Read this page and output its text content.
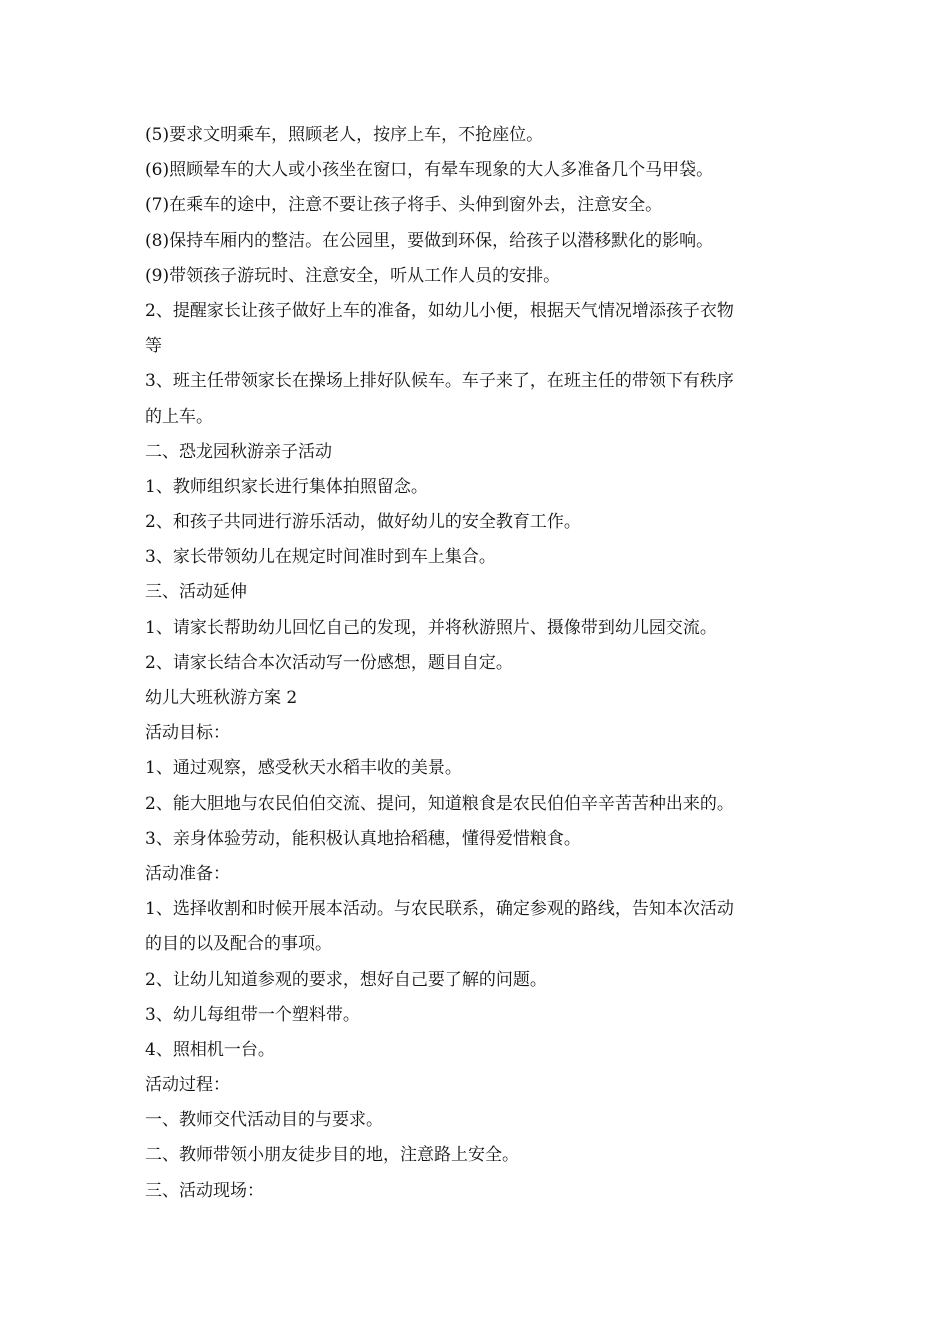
(5)要求文明乘车，照顾老人，按序上车，不抢座位。
(6)照顾晕车的大人或小孩坐在窗口，有晕车现象的大人多准备几个马甲袋。
(7)在乘车的途中，注意不要让孩子将手、头伸到窗外去，注意安全。
(8)保持车厢内的整洁。在公园里，要做到环保，给孩子以潜移默化的影响。
(9)带领孩子游玩时、注意安全，听从工作人员的安排。
2、提醒家长让孩子做好上车的准备，如幼儿小便，根据天气情况增添孩子衣物
等
3、班主任带领家长在操场上排好队候车。车子来了，在班主任的带领下有秩序
的上车。
二、恐龙园秋游亲子活动
1、教师组织家长进行集体拍照留念。
2、和孩子共同进行游乐活动，做好幼儿的安全教育工作。
3、家长带领幼儿在规定时间准时到车上集合。
三、活动延伸
1、请家长帮助幼儿回忆自己的发现，并将秋游照片、摄像带到幼儿园交流。
2、请家长结合本次活动写一份感想，题目自定。
幼儿大班秋游方案 2
活动目标：
1、通过观察，感受秋天水稻丰收的美景。
2、能大胆地与农民伯伯交流、提问，知道粮食是农民伯伯辛辛苦苦种出来的。
3、亲身体验劳动，能积极认真地拾稻穗，懂得爱惜粮食。
活动准备：
1、选择收割和时候开展本活动。与农民联系，确定参观的路线，告知本次活动
的目的以及配合的事项。
2、让幼儿知道参观的要求，想好自己要了解的问题。
3、幼儿每组带一个塑料带。
4、照相机一台。
活动过程：
一、教师交代活动目的与要求。
二、教师带领小朋友徒步目的地，注意路上安全。
三、活动现场：
